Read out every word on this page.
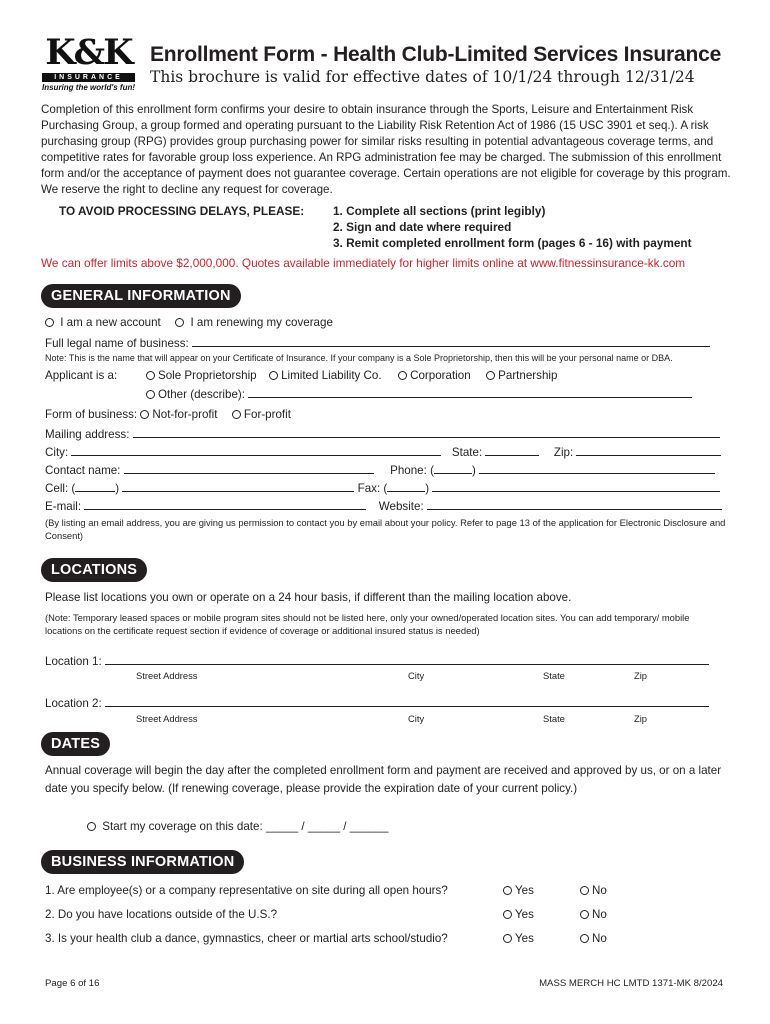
K&K
INSURANCE
Insuring the world's fun!
Enrollment Form - Health Club-Limited Services Insurance
This brochure is valid for effective dates of 10/1/24 through 12/31/24
Completion of this enrollment form confirms your desire to obtain insurance through the Sports, Leisure and Entertainment Risk Purchasing Group, a group formed and operating pursuant to the Liability Risk Retention Act of 1986 (15 USC 3901 et seq.). A risk purchasing group (RPG) provides group purchasing power for similar risks resulting in potential advantageous coverage terms, and competitive rates for favorable group loss experience. An RPG administration fee may be charged. The submission of this enrollment form and/or the acceptance of payment does not guarantee coverage. Certain operations are not eligible for coverage by this program. We reserve the right to decline any request for coverage.
TO AVOID PROCESSING DELAYS, PLEASE: 1. Complete all sections (print legibly)
2. Sign and date where required
3. Remit completed enrollment form (pages 6 - 16) with payment
We can offer limits above $2,000,000. Quotes available immediately for higher limits online at www.fitnessinsurance-kk.com
GENERAL INFORMATION
I am a new account	I am renewing my coverage
Full legal name of business:
Note: This is the name that will appear on your Certificate of Insurance. If your company is a Sole Proprietorship, then this will be your personal name or DBA.
Applicant is a:	Sole Proprietorship Limited Liability Co. Corporation Partnership
Other (describe):
Form of business: Not-for-profit For-profit
Mailing address:
City:	State:	Zip:
Contact name:	Phone: (	)
Cell: (	)	Fax: (	)
E-mail:	Website:
(By listing an email address, you are giving us permission to contact you by email about your policy. Refer to page 13 of the application for Electronic Disclosure and Consent)
LOCATIONS
Please list locations you own or operate on a 24 hour basis, if different than the mailing location above.
(Note: Temporary leased spaces or mobile program sites should not be listed here, only your owned/operated location sites. You can add temporary/ mobile locations on the certificate request section if evidence of coverage or additional insured status is needed)
Location 1:
Street Address	City	State	Zip
Location 2:
Street Address	City	State	Zip
DATES
Annual coverage will begin the day after the completed enrollment form and payment are received and approved by us, or on a later date you specify below. (If renewing coverage, please provide the expiration date of your current policy.)
Start my coverage on this date: _____ / _____ / ______
BUSINESS INFORMATION
1. Are employee(s) or a company representative on site during all open hours?	Yes	No
2. Do you have locations outside of the U.S.?	Yes	No
3. Is your health club a dance, gymnastics, cheer or martial arts school/studio?	Yes	No
Page 6 of 16	MASS MERCH HC LMTD 1371-MK 8/2024
